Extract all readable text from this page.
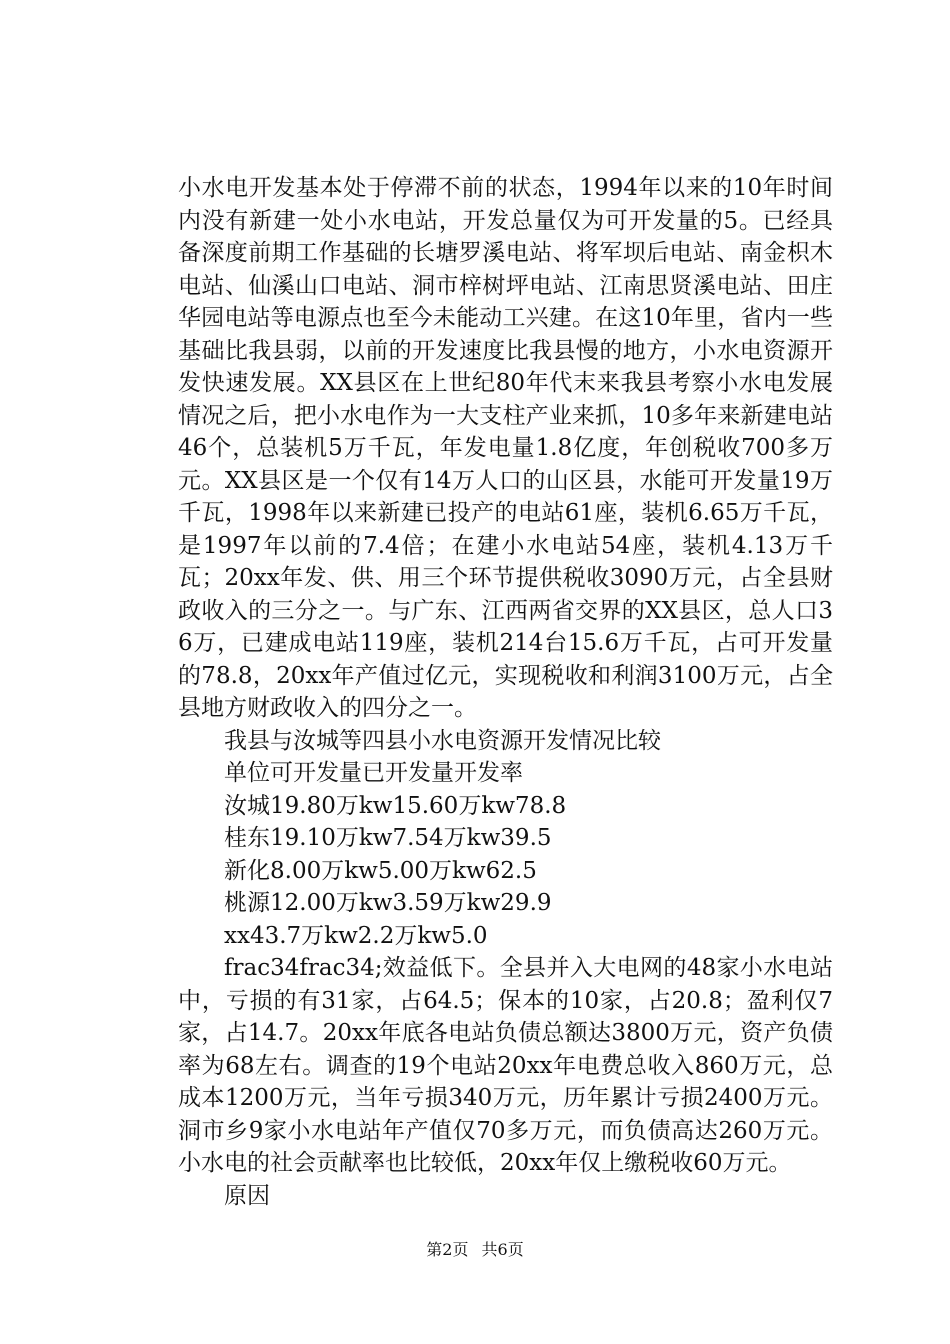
小水电开发基本处于停滞不前的状态，1994年以来的10年时间内没有新建一处小水电站，开发总量仅为可开发量的5。已经具备深度前期工作基础的长塘罗溪电站、将军坝后电站、南金枳木电站、仙溪山口电站、洞市梓树坪电站、江南思贤溪电站、田庄华园电站等电源点也至今未能动工兴建。在这10年里，省内一些基础比我县弱，以前的开发速度比我县慢的地方，小水电资源开发快速发展。XX县区在上世纪80年代末来我县考察小水电发展情况之后，把小水电作为一大支柱产业来抓，10多年来新建电站46个，总装机5万千瓦，年发电量1.8亿度，年创税收700多万元。XX县区是一个仅有14万人口的山区县，水能可开发量19万千瓦，1998年以来新建已投产的电站61座，装机6.65万千瓦，是1997年以前的7.4倍；在建小水电站54座，装机4.13万千瓦；20xx年发、供、用三个环节提供税收3090万元，占全县财政收入的三分之一。与广东、江西两省交界的XX县区，总人口36万，已建成电站119座，装机214台15.6万千瓦，占可开发量的78.8，20xx年产值过亿元，实现税收和利润3100万元，占全县地方财政收入的四分之一。

我县与汝城等四县小水电资源开发情况比较

单位可开发量已开发量开发率

汝城19.80万kw15.60万kw78.8

桂东19.10万kw7.54万kw39.5

新化8.00万kw5.00万kw62.5

桃源12.00万kw3.59万kw29.9

xx43.7万kw2.2万kw5.0

frac34frac34;效益低下。全县并入大电网的48家小水电站中，亏损的有31家，占64.5；保本的10家，占20.8；盈利仅7家，占14.7。20xx年底各电站负债总额达3800万元，资产负债率为68左右。调查的19个电站20xx年电费总收入860万元，总成本1200万元，当年亏损340万元，历年累计亏损2400万元。洞市乡9家小水电站年产值仅70多万元，而负债高达260万元。小水电的社会贡献率也比较低，20xx年仅上缴税收60万元。

原因

第2页 共6页
